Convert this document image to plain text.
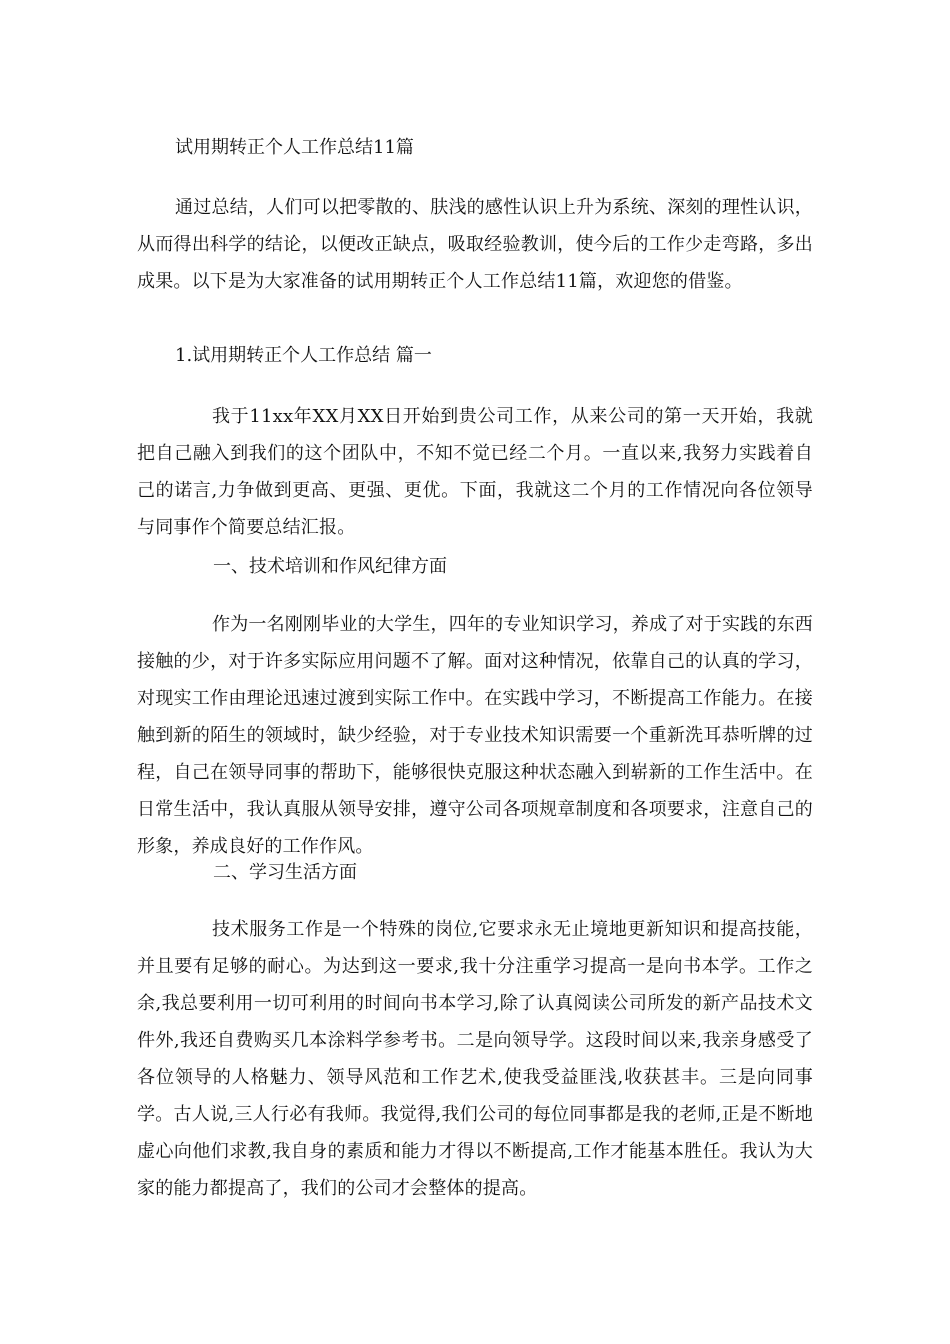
试用期转正个人工作总结11篇
通过总结，人们可以把零散的、肤浅的感性认识上升为系统、深刻的理性认识，从而得出科学的结论，以便改正缺点，吸取经验教训，使今后的工作少走弯路，多出成果。以下是为大家准备的试用期转正个人工作总结11篇，欢迎您的借鉴。
1.试用期转正个人工作总结 篇一
我于11xx年XX月XX日开始到贵公司工作，从来公司的第一天开始，我就把自己融入到我们的这个团队中，不知不觉已经二个月。一直以来,我努力实践着自己的诺言,力争做到更高、更强、更优。下面，我就这二个月的工作情况向各位领导与同事作个简要总结汇报。
一、技术培训和作风纪律方面
作为一名刚刚毕业的大学生，四年的专业知识学习，养成了对于实践的东西接触的少，对于许多实际应用问题不了解。面对这种情况，依靠自己的认真的学习，对现实工作由理论迅速过渡到实际工作中。在实践中学习，不断提高工作能力。在接触到新的陌生的领域时，缺少经验，对于专业技术知识需要一个重新洗耳恭听牌的过程，自己在领导同事的帮助下，能够很快克服这种状态融入到崭新的工作生活中。在日常生活中，我认真服从领导安排，遵守公司各项规章制度和各项要求，注意自己的形象，养成良好的工作作风。
二、学习生活方面
技术服务工作是一个特殊的岗位,它要求永无止境地更新知识和提高技能，并且要有足够的耐心。为达到这一要求,我十分注重学习提高一是向书本学。工作之余,我总要利用一切可利用的时间向书本学习,除了认真阅读公司所发的新产品技术文件外,我还自费购买几本涂料学参考书。二是向领导学。这段时间以来,我亲身感受了各位领导的人格魅力、领导风范和工作艺术,使我受益匪浅,收获甚丰。三是向同事学。古人说,三人行必有我师。我觉得,我们公司的每位同事都是我的老师,正是不断地虚心向他们求教,我自身的素质和能力才得以不断提高,工作才能基本胜任。我认为大家的能力都提高了，我们的公司才会整体的提高。
